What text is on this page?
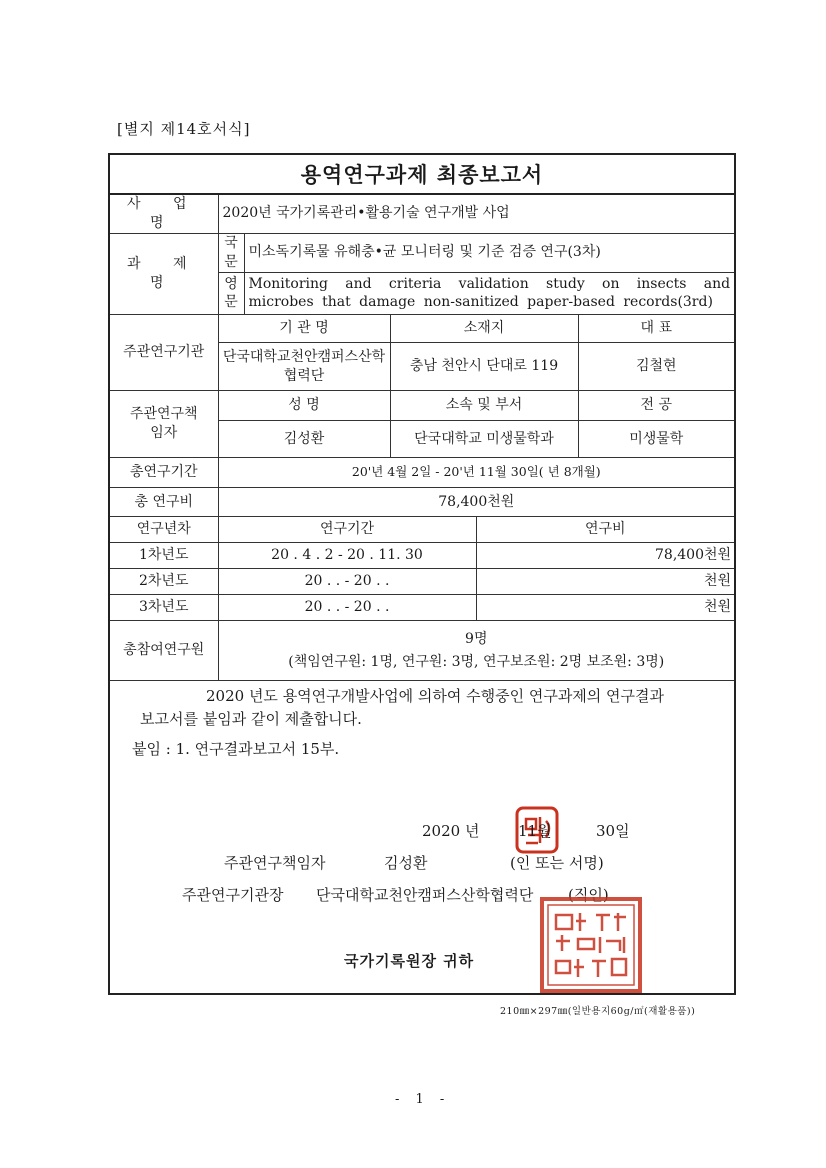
[별지 제14호서식]
용역연구과제 최종보고서
사 업 명	2020년 국가기록관리•활용기술 연구개발 사업				
과 제 명	국문	미소독기록물 유해충•균 모니터링 및 기준 검증 연구(3차)			
	영문	Monitoring and criteria validation study on insects and microbes that damage non-sanitized paper-based records(3rd)			
주관연구기관	기 관 명		소재지		대 표
	단국대학교천안캠퍼스산학협력단		충남 천안시 단대로 119		김철현
주관연구책임자	성 명		소속 및 부서		전 공
	김성환		단국대학교 미생물학과		미생물학
총연구기간	20'년 4월 2일 - 20'년 11월 30일( 년 8개월)				
총 연구비	78,400천원				
연구년차	연구기간			연구비	
1차년도	20 . 4 . 2 - 20 . 11. 30			78,400천원	
2차년도	20 . . - 20 . .			천원	
3차년도	20 . . - 20 . .			천원	
총참여연구원	9명
(책임연구원: 1명, 연구원: 3명, 연구보조원: 2명 보조원: 3명)				
2020 년도 용역연구개발사업에 의하여 수행중인 연구과제의 연구결과
보고서를 붙임과 같이 제출합니다.
붙임 : 1. 연구결과보고서 15부.
2020 년	11월	30일
주관연구책임자	김성환	(인 또는 서명)
주관연구기관장 단국대학교천안캠퍼스산학협력단 (직인)
국가기록원장 귀하
210㎜×297㎜(일반용지60g/㎡(재활용품))
- 1 -
